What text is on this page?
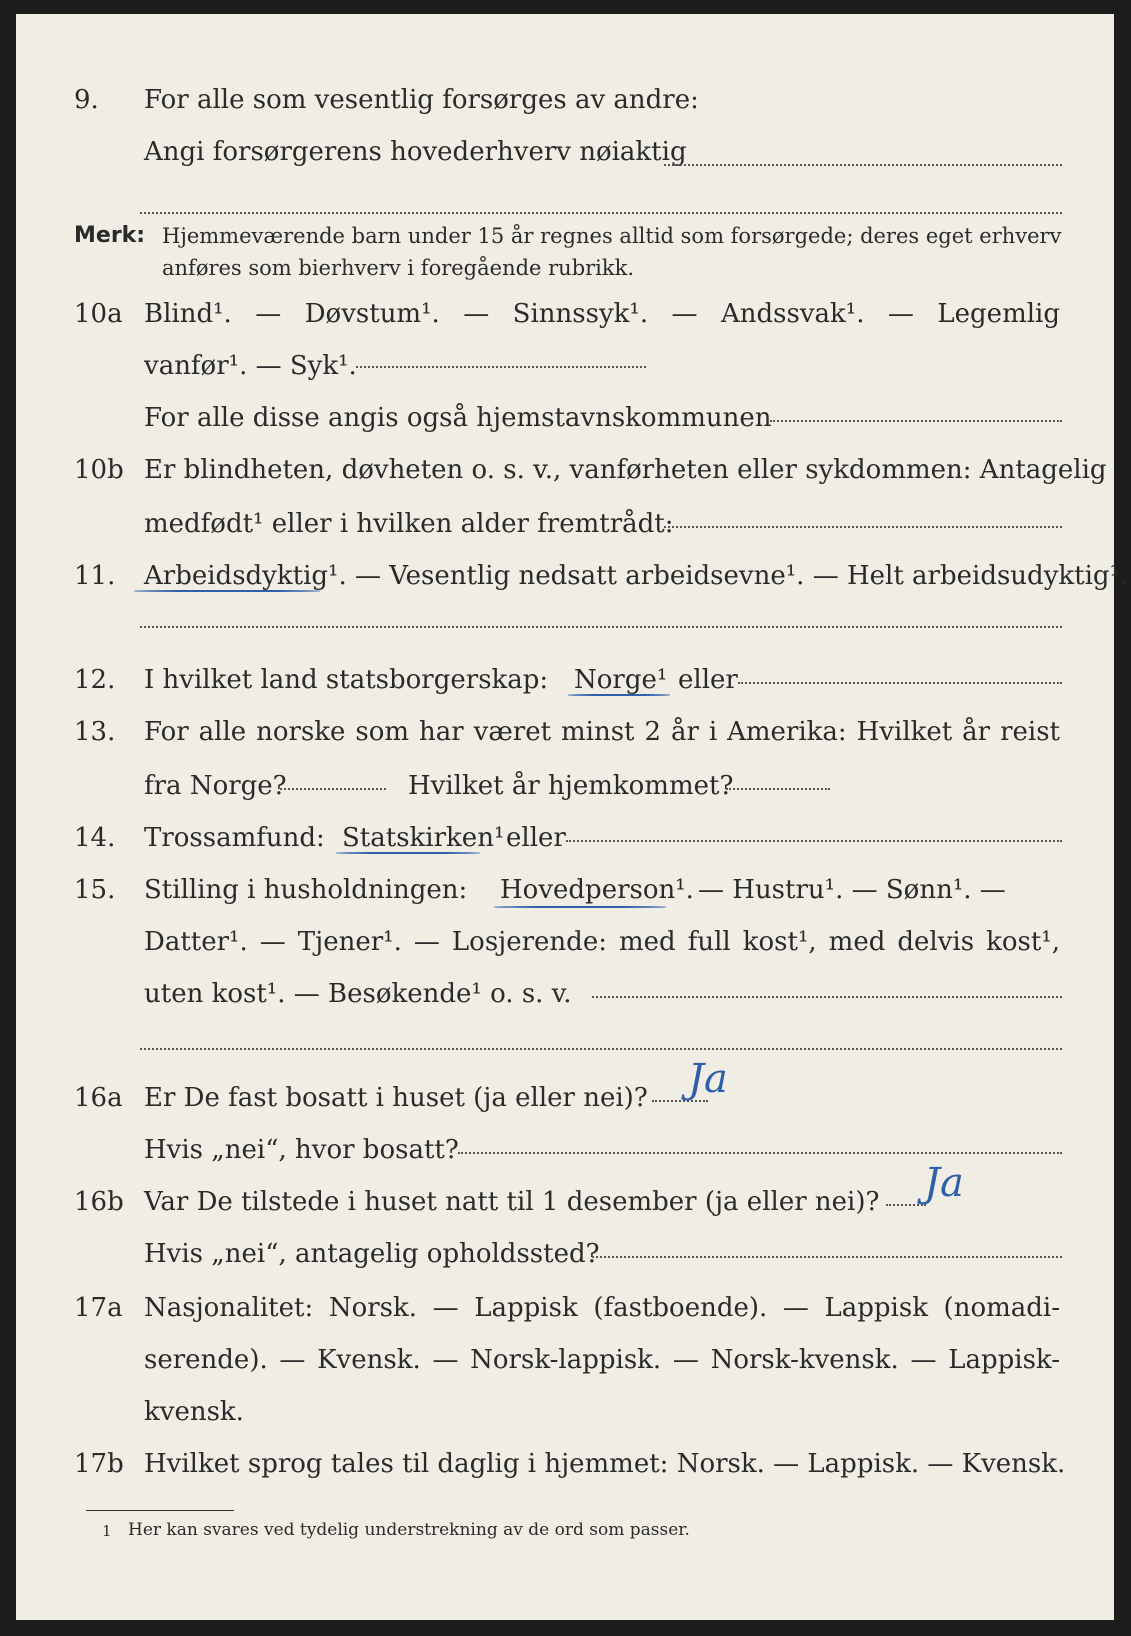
9. For alle som vesentlig forsørges av andre:
Angi forsørgerens hovederhverv nøiaktig
Merk: Hjemmeværende barn under 15 år regnes alltid som forsørgede; deres eget erhverv
anføres som bierhverv i foregående rubrikk.
10a Blind¹. — Døvstum¹. — Sinnssyk¹. — Andssvak¹. — Legemlig
vanfør¹. — Syk¹.
For alle disse angis også hjemstavnskommunen
10b Er blindheten, døvheten o. s. v., vanførheten eller sykdommen: Antagelig
medfødt¹ eller i hvilken alder fremtrådt:
11. Arbeidsdyktig¹. — Vesentlig nedsatt arbeidsevne¹. — Helt arbeidsudyktig¹.
12. I hvilket land statsborgerskap: Norge¹ eller
13. For alle norske som har været minst 2 år i Amerika: Hvilket år reist
fra Norge?	Hvilket år hjemkommet?
14. Trossamfund: Statskirken¹ eller
15. Stilling i husholdningen: Hovedperson¹. — Hustru¹. — Sønn¹. —
Datter¹. — Tjener¹. — Losjerende: med full kost¹, med delvis kost¹,
uten kost¹. — Besøkende¹ o. s. v.
16a Er De fast bosatt i huset (ja eller nei)? Ja
Hvis „nei“, hvor bosatt?
16b Var De tilstede i huset natt til 1 desember (ja eller nei)? Ja
Hvis „nei“, antagelig opholdssted?
17a Nasjonalitet: Norsk. — Lappisk (fastboende). — Lappisk (nomadi-
serende). — Kvensk. — Norsk-lappisk. — Norsk-kvensk. — Lappisk-
kvensk.
17b Hvilket sprog tales til daglig i hjemmet: Norsk. — Lappisk. — Kvensk.
1 Her kan svares ved tydelig understrekning av de ord som passer.
